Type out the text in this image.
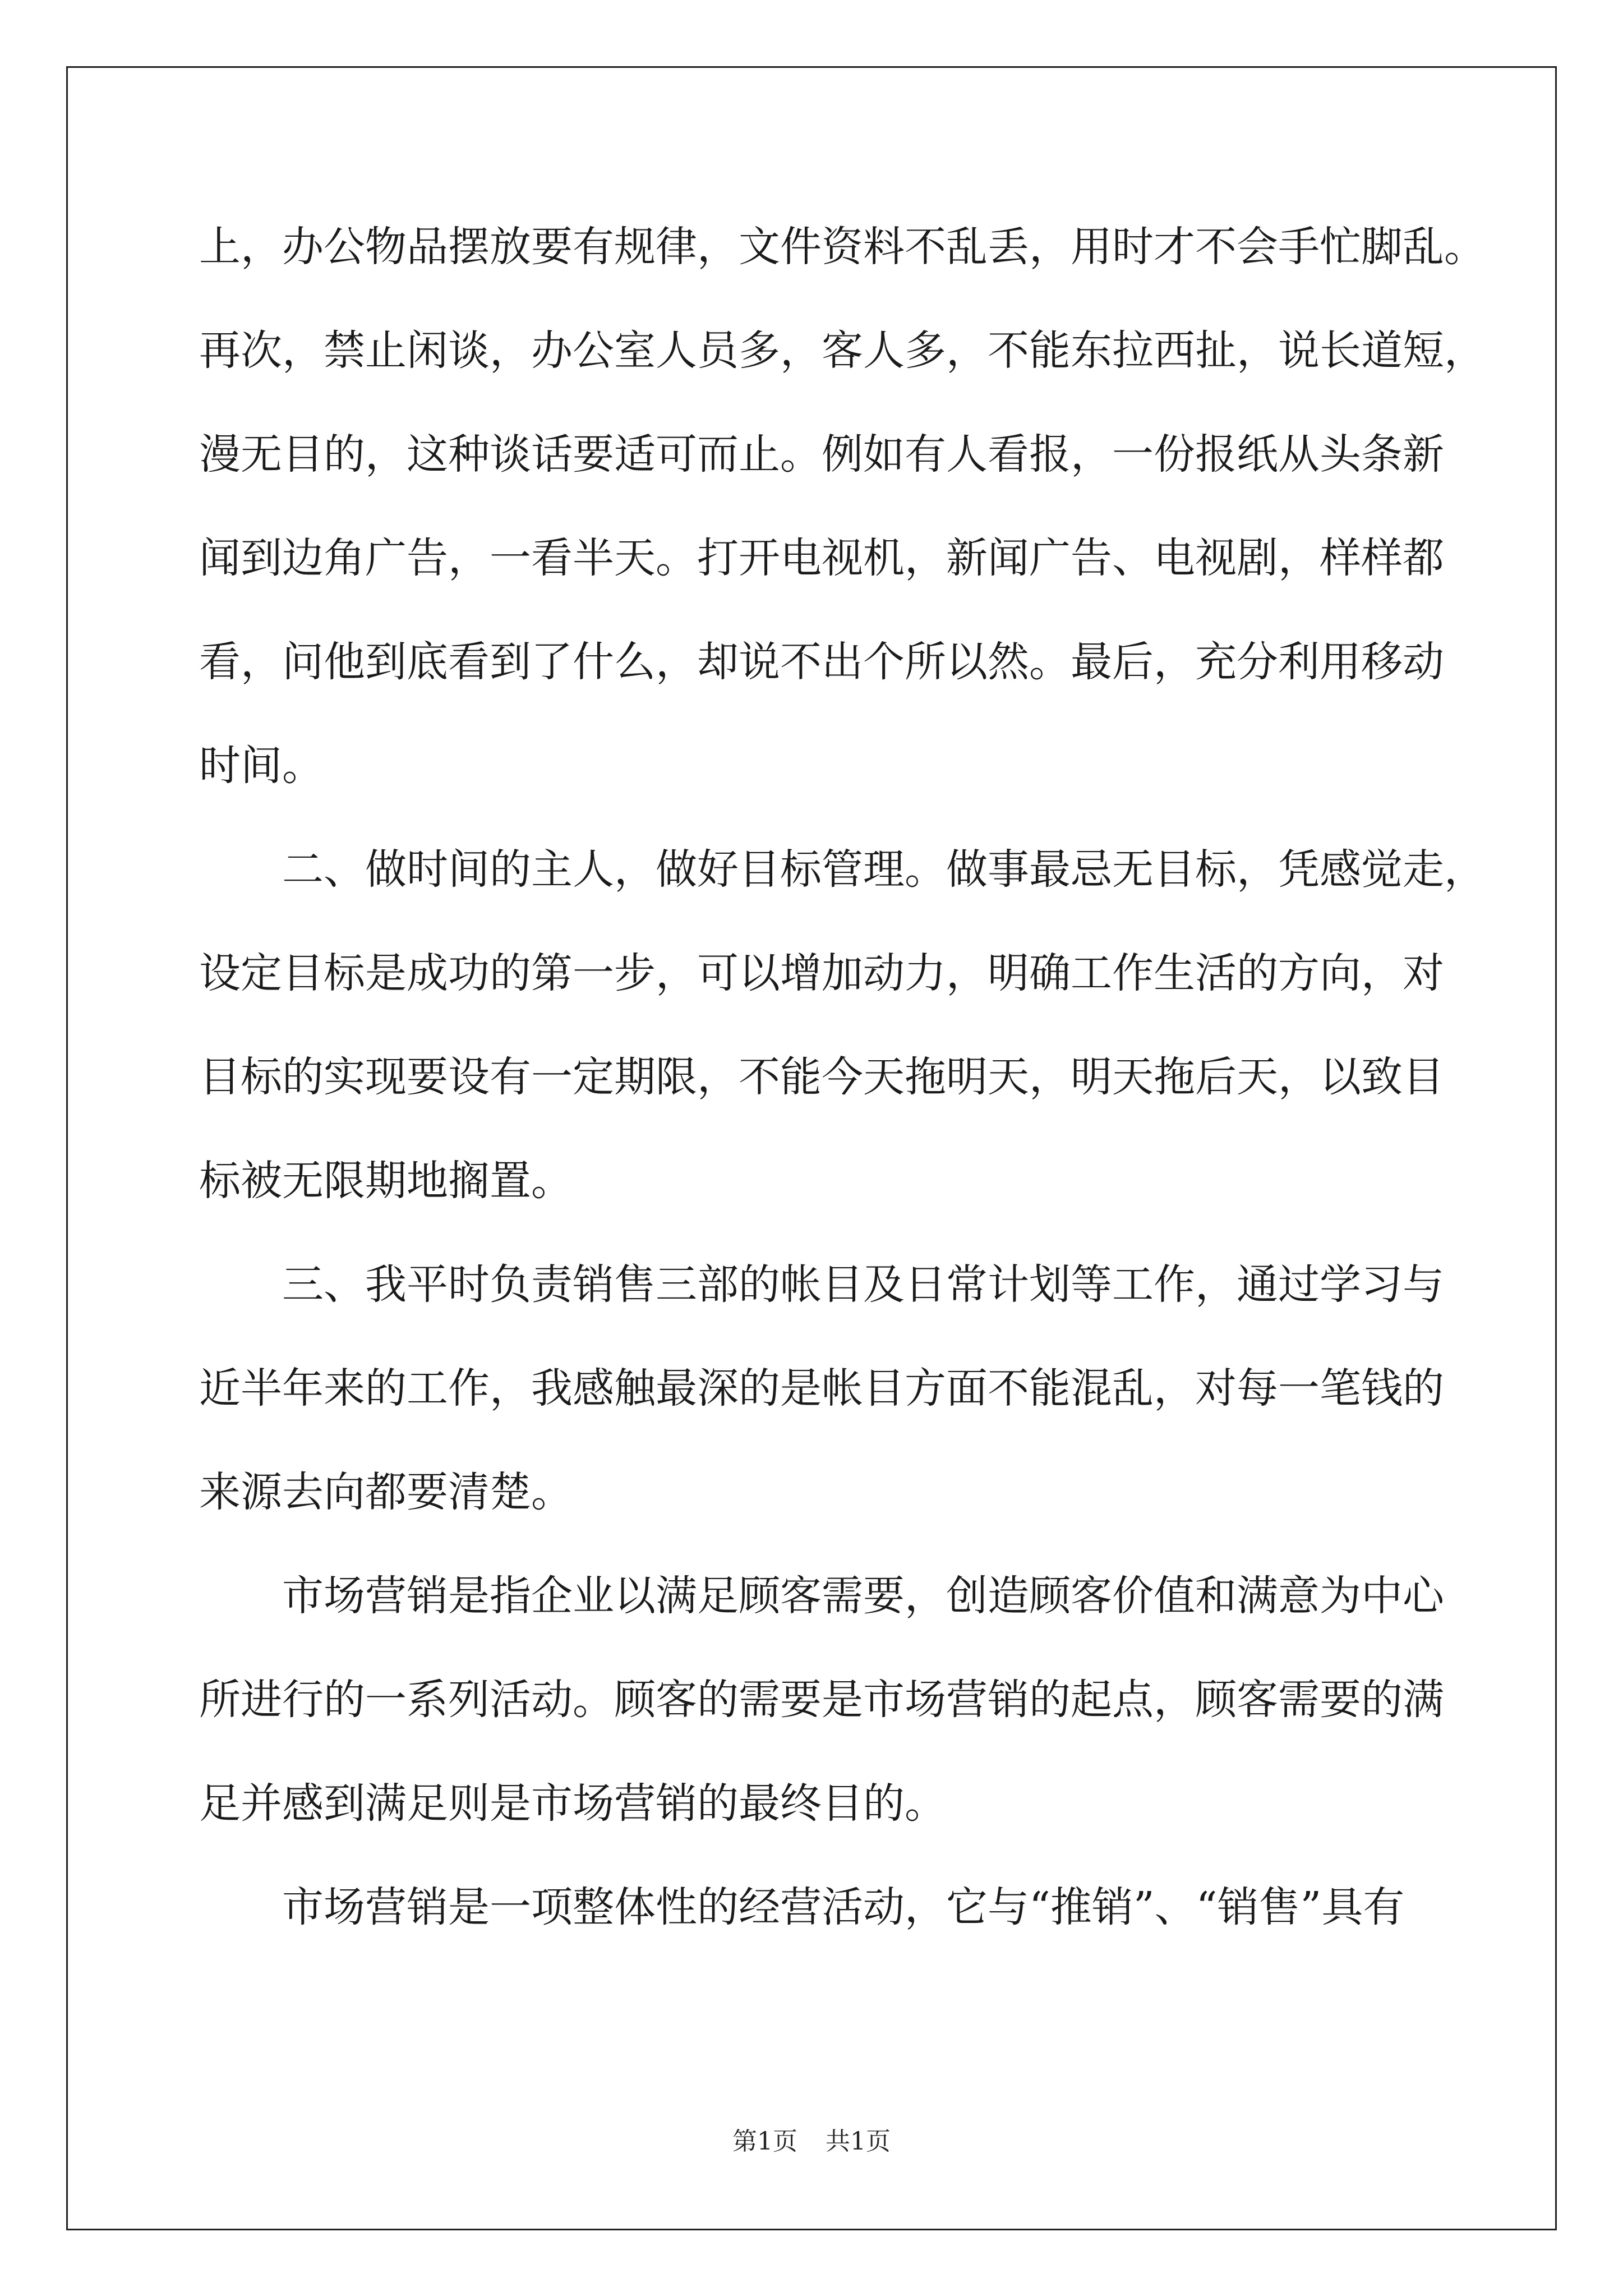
上，办公物品摆放要有规律，文件资料不乱丢，用时才不会手忙脚乱。
再次，禁止闲谈，办公室人员多，客人多，不能东拉西扯，说长道短，
漫无目的，这种谈话要适可而止。例如有人看报，一份报纸从头条新
闻到边角广告，一看半天。打开电视机，新闻广告、电视剧，样样都
看，问他到底看到了什么，却说不出个所以然。最后，充分利用移动
时间。
二、做时间的主人，做好目标管理。做事最忌无目标，凭感觉走，
设定目标是成功的第一步，可以增加动力，明确工作生活的方向，对
目标的实现要设有一定期限，不能今天拖明天，明天拖后天，以致目
标被无限期地搁置。
三、我平时负责销售三部的帐目及日常计划等工作，通过学习与
近半年来的工作，我感触最深的是帐目方面不能混乱，对每一笔钱的
来源去向都要清楚。
市场营销是指企业以满足顾客需要，创造顾客价值和满意为中心
所进行的一系列活动。顾客的需要是市场营销的起点，顾客需要的满
足并感到满足则是市场营销的最终目的。
市场营销是一项整体性的经营活动，它与“推销”、“销售”具有
第1页 共1页
